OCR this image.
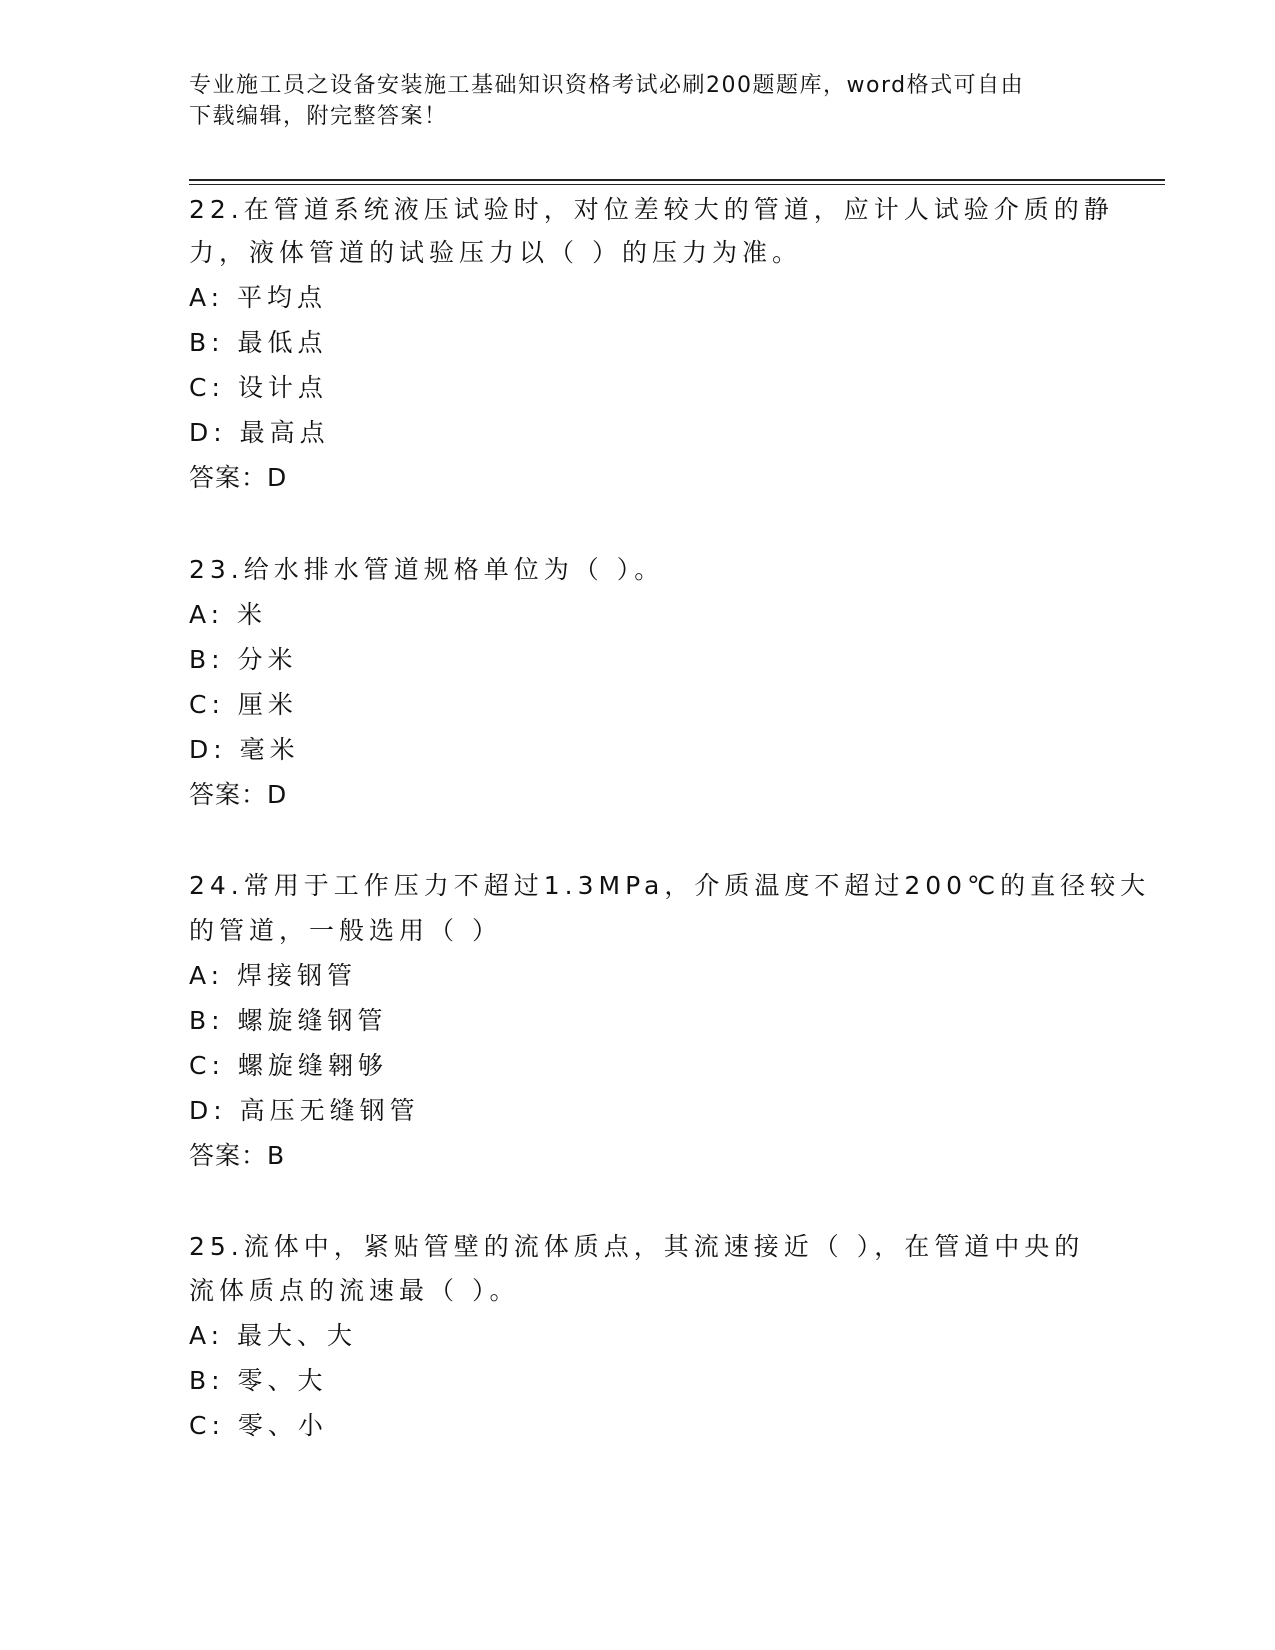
专业施工员之设备安装施工基础知识资格考试必刷200题题库，word格式可自由
下载编辑，附完整答案！
22.在管道系统液压试验时，对位差较大的管道，应计人试验介质的静
力，液体管道的试验压力以（ ）的压力为准。
A: 平均点
B: 最低点
C: 设计点
D: 最高点
答案：D
23.给水排水管道规格单位为（ ）。
A: 米
B: 分米
C: 厘米
D: 毫米
答案：D
24.常用于工作压力不超过1.3MPa，介质温度不超过200℃的直径较大
的管道，一般选用（ ）
A: 焊接钢管
B: 螺旋缝钢管
C: 螺旋缝翱够
D: 高压无缝钢管
答案：B
25.流体中，紧贴管壁的流体质点，其流速接近（ ），在管道中央的
流体质点的流速最（ ）。
A: 最大、大
B: 零、大
C: 零、小
